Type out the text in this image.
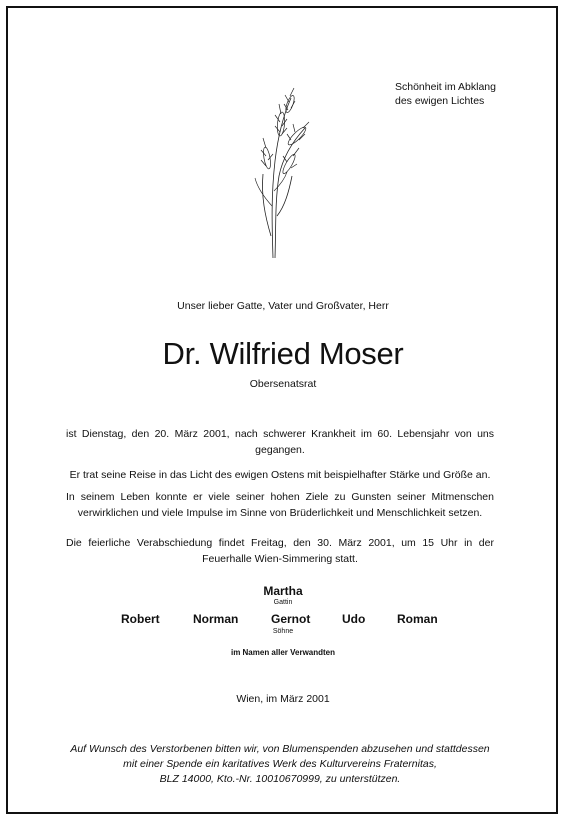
Schönheit im Abklang
des ewigen Lichtes
Unser lieber Gatte, Vater und Großvater, Herr
Dr. Wilfried Moser
Obersenatsrat
ist Dienstag, den 20. März 2001, nach schwerer Krankheit im 60. Lebensjahr von uns gegangen.
Er trat seine Reise in das Licht des ewigen Ostens mit beispielhafter Stärke und Größe an.
In seinem Leben konnte er viele seiner hohen Ziele zu Gunsten seiner Mitmenschen verwirklichen und viele Impulse im Sinne von Brüderlichkeit und Menschlichkeit setzen.
Die feierliche Verabschiedung findet Freitag, den 30. März 2001, um 15 Uhr in der Feuerhalle Wien-Simmering statt.
Martha
Gattin
Robert	Norman	Gernot	Udo	Roman
Söhne
im Namen aller Verwandten
Wien, im März 2001
Auf Wunsch des Verstorbenen bitten wir, von Blumenspenden abzusehen und stattdessen
mit einer Spende ein karitatives Werk des Kulturvereins Fraternitas,
BLZ 14000, Kto.-Nr. 10010670999, zu unterstützen.
